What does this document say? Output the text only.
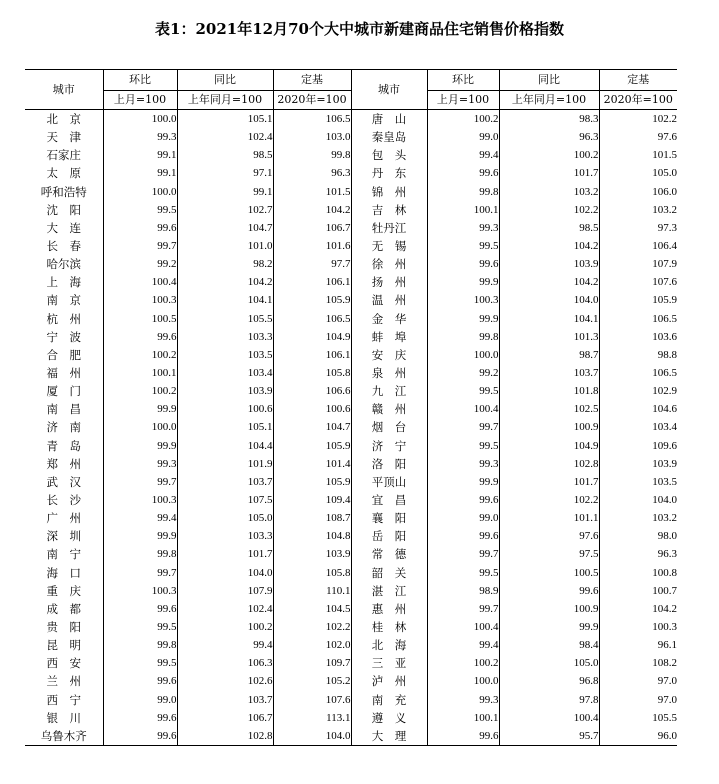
表1：2021年12月70个大中城市新建商品住宅销售价格指数
城市	环比	同比	定基	城市	环比	同比	定基
	上月=100	上年同月=100	2020年=100		上月=100	上年同月=100	2020年=100
北　京	100.0	105.1	106.5	唐　山	100.2	98.3	102.2
天　津	99.3	102.4	103.0	秦皇岛	99.0	96.3	97.6
石家庄	99.1	98.5	99.8	包　头	99.4	100.2	101.5
太　原	99.1	97.1	96.3	丹　东	99.6	101.7	105.0
呼和浩特	100.0	99.1	101.5	锦　州	99.8	103.2	106.0
沈　阳	99.5	102.7	104.2	吉　林	100.1	102.2	103.2
大　连	99.6	104.7	106.7	牡丹江	99.3	98.5	97.3
长　春	99.7	101.0	101.6	无　锡	99.5	104.2	106.4
哈尔滨	99.2	98.2	97.7	徐　州	99.6	103.9	107.9
上　海	100.4	104.2	106.1	扬　州	99.9	104.2	107.6
南　京	100.3	104.1	105.9	温　州	100.3	104.0	105.9
杭　州	100.5	105.5	106.5	金　华	99.9	104.1	106.5
宁　波	99.6	103.3	104.9	蚌　埠	99.8	101.3	103.6
合　肥	100.2	103.5	106.1	安　庆	100.0	98.7	98.8
福　州	100.1	103.4	105.8	泉　州	99.2	103.7	106.5
厦　门	100.2	103.9	106.6	九　江	99.5	101.8	102.9
南　昌	99.9	100.6	100.6	赣　州	100.4	102.5	104.6
济　南	100.0	105.1	104.7	烟　台	99.7	100.9	103.4
青　岛	99.9	104.4	105.9	济　宁	99.5	104.9	109.6
郑　州	99.3	101.9	101.4	洛　阳	99.3	102.8	103.9
武　汉	99.7	103.7	105.9	平顶山	99.9	101.7	103.5
长　沙	100.3	107.5	109.4	宜　昌	99.6	102.2	104.0
广　州	99.4	105.0	108.7	襄　阳	99.0	101.1	103.2
深　圳	99.9	103.3	104.8	岳　阳	99.6	97.6	98.0
南　宁	99.8	101.7	103.9	常　德	99.7	97.5	96.3
海　口	99.7	104.0	105.8	韶　关	99.5	100.5	100.8
重　庆	100.3	107.9	110.1	湛　江	98.9	99.6	100.7
成　都	99.6	102.4	104.5	惠　州	99.7	100.9	104.2
贵　阳	99.5	100.2	102.2	桂　林	100.4	99.9	100.3
昆　明	99.8	99.4	102.0	北　海	99.4	98.4	96.1
西　安	99.5	106.3	109.7	三　亚	100.2	105.0	108.2
兰　州	99.6	102.6	105.2	泸　州	100.0	96.8	97.0
西　宁	99.0	103.7	107.6	南　充	99.3	97.8	97.0
银　川	99.6	106.7	113.1	遵　义	100.1	100.4	105.5
乌鲁木齐	99.6	102.8	104.0	大　理	99.6	95.7	96.0
